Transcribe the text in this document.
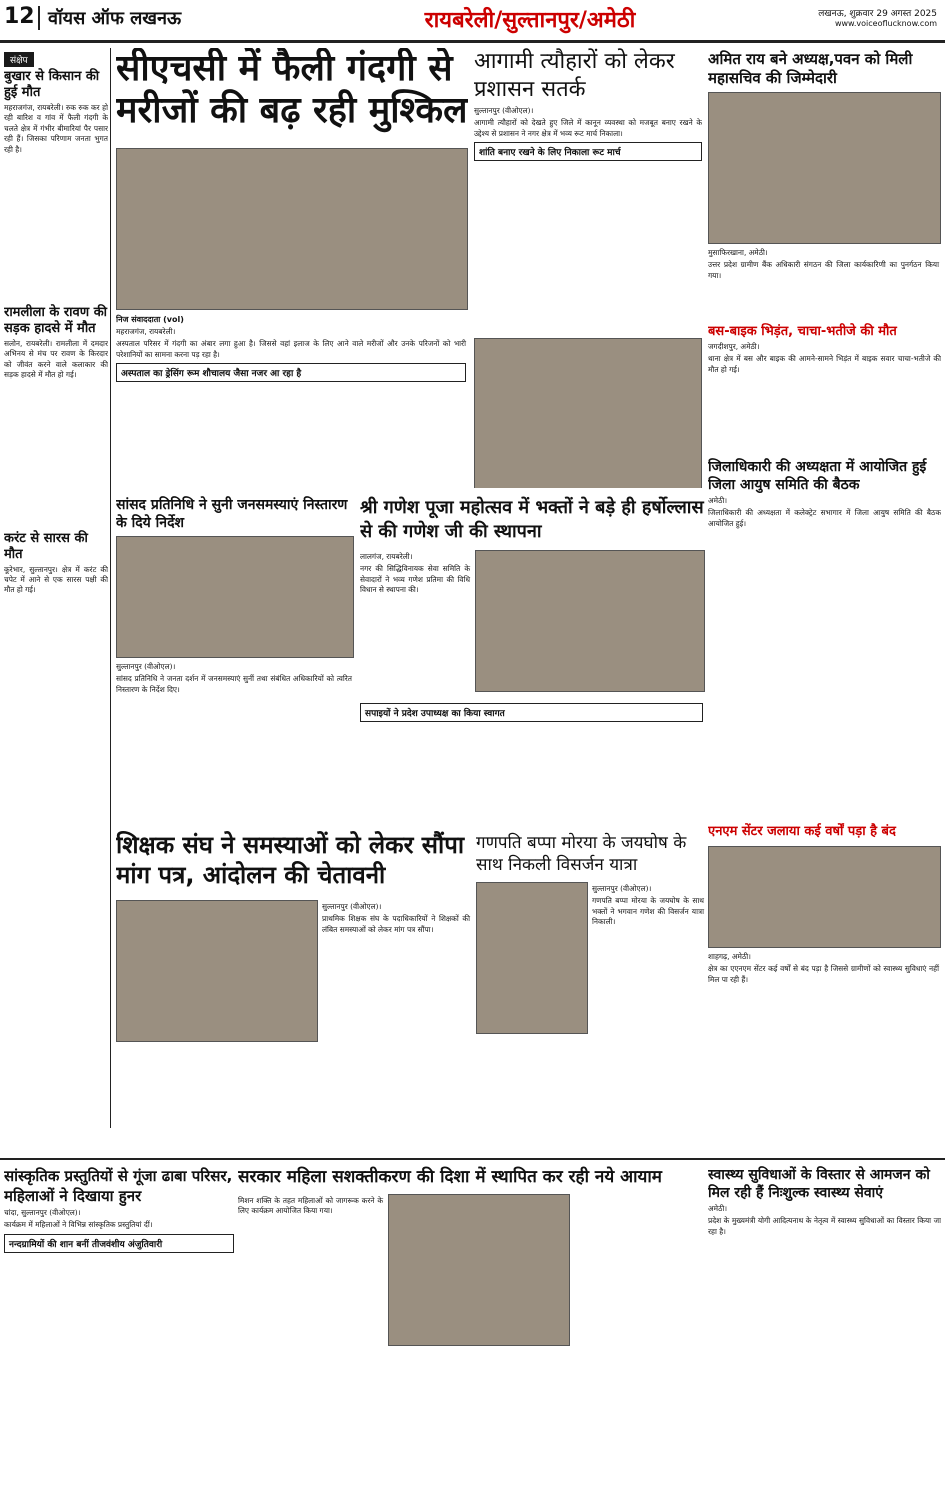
12 वॉयस ऑफ लखनऊ	रायबरेली/सुल्तानपुर/अमेठी	लखनऊ, शुक्रवार 29 अगस्त 2025
www.voiceoflucknow.com
संक्षेप
बुखार से किसान की हुई मौत
महराजगंज, रायबरेली। रुक रुक कर हो रही बारिश व गांव में फैली गंदगी के चलते क्षेत्र में गंभीर बीमारियां पैर पसार रही हैं। जिसका परिणाम जनता भुगत रही है।
रामलीला के रावण की सड़क हादसे में मौत
सलोन, रायबरेली। रामलीला में दमदार अभिनय से मंच पर रावण के किरदार को जीवंत करने वाले कलाकार की सड़क हादसे में मौत हो गई।
करंट से सारस की मौत
कूरेभार, सुल्तानपुर। क्षेत्र में करंट की चपेट में आने से एक सारस पक्षी की मौत हो गई।
सीएचसी में फैली गंदगी से मरीजों की बढ़ रही मुश्किल
निज संवाददाता (vol)
महराजगंज, रायबरेली।
अस्पताल परिसर में गंदगी का अंबार लगा हुआ है। जिससे वहां इलाज के लिए आने वाले मरीजों और उनके परिजनों को भारी परेशानियों का सामना करना पड़ रहा है।
अस्पताल का ड्रेसिंग रूम शौचालय जैसा नजर आ रहा है
आगामी त्यौहारों को लेकर प्रशासन सतर्क
सुल्तानपुर (वीओएल)।
आगामी त्यौहारों को देखते हुए जिले में कानून व्यवस्था को मजबूत बनाए रखने के उद्देश्य से प्रशासन ने नगर क्षेत्र में भव्य रूट मार्च निकाला।
शांति बनाए रखने के लिए निकाला रूट मार्च
अमित राय बने अध्यक्ष,पवन को मिली महासचिव की जिम्मेदारी
मुसाफिरखाना, अमेठी।
उत्तर प्रदेश ग्रामीण बैंक अधिकारी संगठन की जिला कार्यकारिणी का पुनर्गठन किया गया।
बस-बाइक भिड़ंत, चाचा-भतीजे की मौत
जगदीशपुर, अमेठी।
थाना क्षेत्र में बस और बाइक की आमने-सामने भिड़ंत में बाइक सवार चाचा-भतीजे की मौत हो गई।
सांसद प्रतिनिधि ने सुनी जनसमस्याएं निस्तारण के दिये निर्देश
सुल्तानपुर (वीओएल)।
सांसद प्रतिनिधि ने जनता दर्शन में जनसमस्याएं सुनीं तथा संबंधित अधिकारियों को त्वरित निस्तारण के निर्देश दिए।
श्री गणेश पूजा महोत्सव में भक्तों ने बड़े ही हर्षोल्लास से की गणेश जी की स्थापना
लालगंज, रायबरेली।
नगर की सिद्धिविनायक सेवा समिति के सेवादारों ने भव्य गणेश प्रतिमा की विधि विधान से स्थापना की।
सपाइयों ने प्रदेश उपाध्यक्ष का किया स्वागत
जिलाधिकारी की अध्यक्षता में आयोजित हुई जिला आयुष समिति की बैठक
अमेठी।
जिलाधिकारी की अध्यक्षता में कलेक्ट्रेट सभागार में जिला आयुष समिति की बैठक आयोजित हुई।
शिक्षक संघ ने समस्याओं को लेकर सौंपा मांग पत्र, आंदोलन की चेतावनी
सुल्तानपुर (वीओएल)।
प्राथमिक शिक्षक संघ के पदाधिकारियों ने शिक्षकों की लंबित समस्याओं को लेकर मांग पत्र सौंपा।
गणपति बप्पा मोरया के जयघोष के साथ निकली विसर्जन यात्रा
सुल्तानपुर (वीओएल)।
गणपति बप्पा मोरया के जयघोष के साथ भक्तों ने भगवान गणेश की विसर्जन यात्रा निकाली।
एनएम सेंटर जलाया कई वर्षों पड़ा है बंद
शाहगढ़, अमेठी।
क्षेत्र का एएनएम सेंटर कई वर्षों से बंद पड़ा है जिससे ग्रामीणों को स्वास्थ्य सुविधाएं नहीं मिल पा रही हैं।
सांस्कृतिक प्रस्तुतियों से गूंजा ढाबा परिसर, महिलाओं ने दिखाया हुनर
चांदा, सुल्तानपुर (वीओएल)।
कार्यक्रम में महिलाओं ने विभिन्न सांस्कृतिक प्रस्तुतियां दीं।
नन्दग्रामियों की शान बनीं तीजवंशीय अंजुतिवारी
सरकार महिला सशक्तीकरण की दिशा में स्थापित कर रही नये आयाम
मिशन शक्ति के तहत महिलाओं को जागरूक करने के लिए कार्यक्रम आयोजित किया गया।
स्वास्थ्य सुविधाओं के विस्तार से आमजन को मिल रही हैं निःशुल्क स्वास्थ्य सेवाएं
अमेठी।
प्रदेश के मुख्यमंत्री योगी आदित्यनाथ के नेतृत्व में स्वास्थ्य सुविधाओं का विस्तार किया जा रहा है।
